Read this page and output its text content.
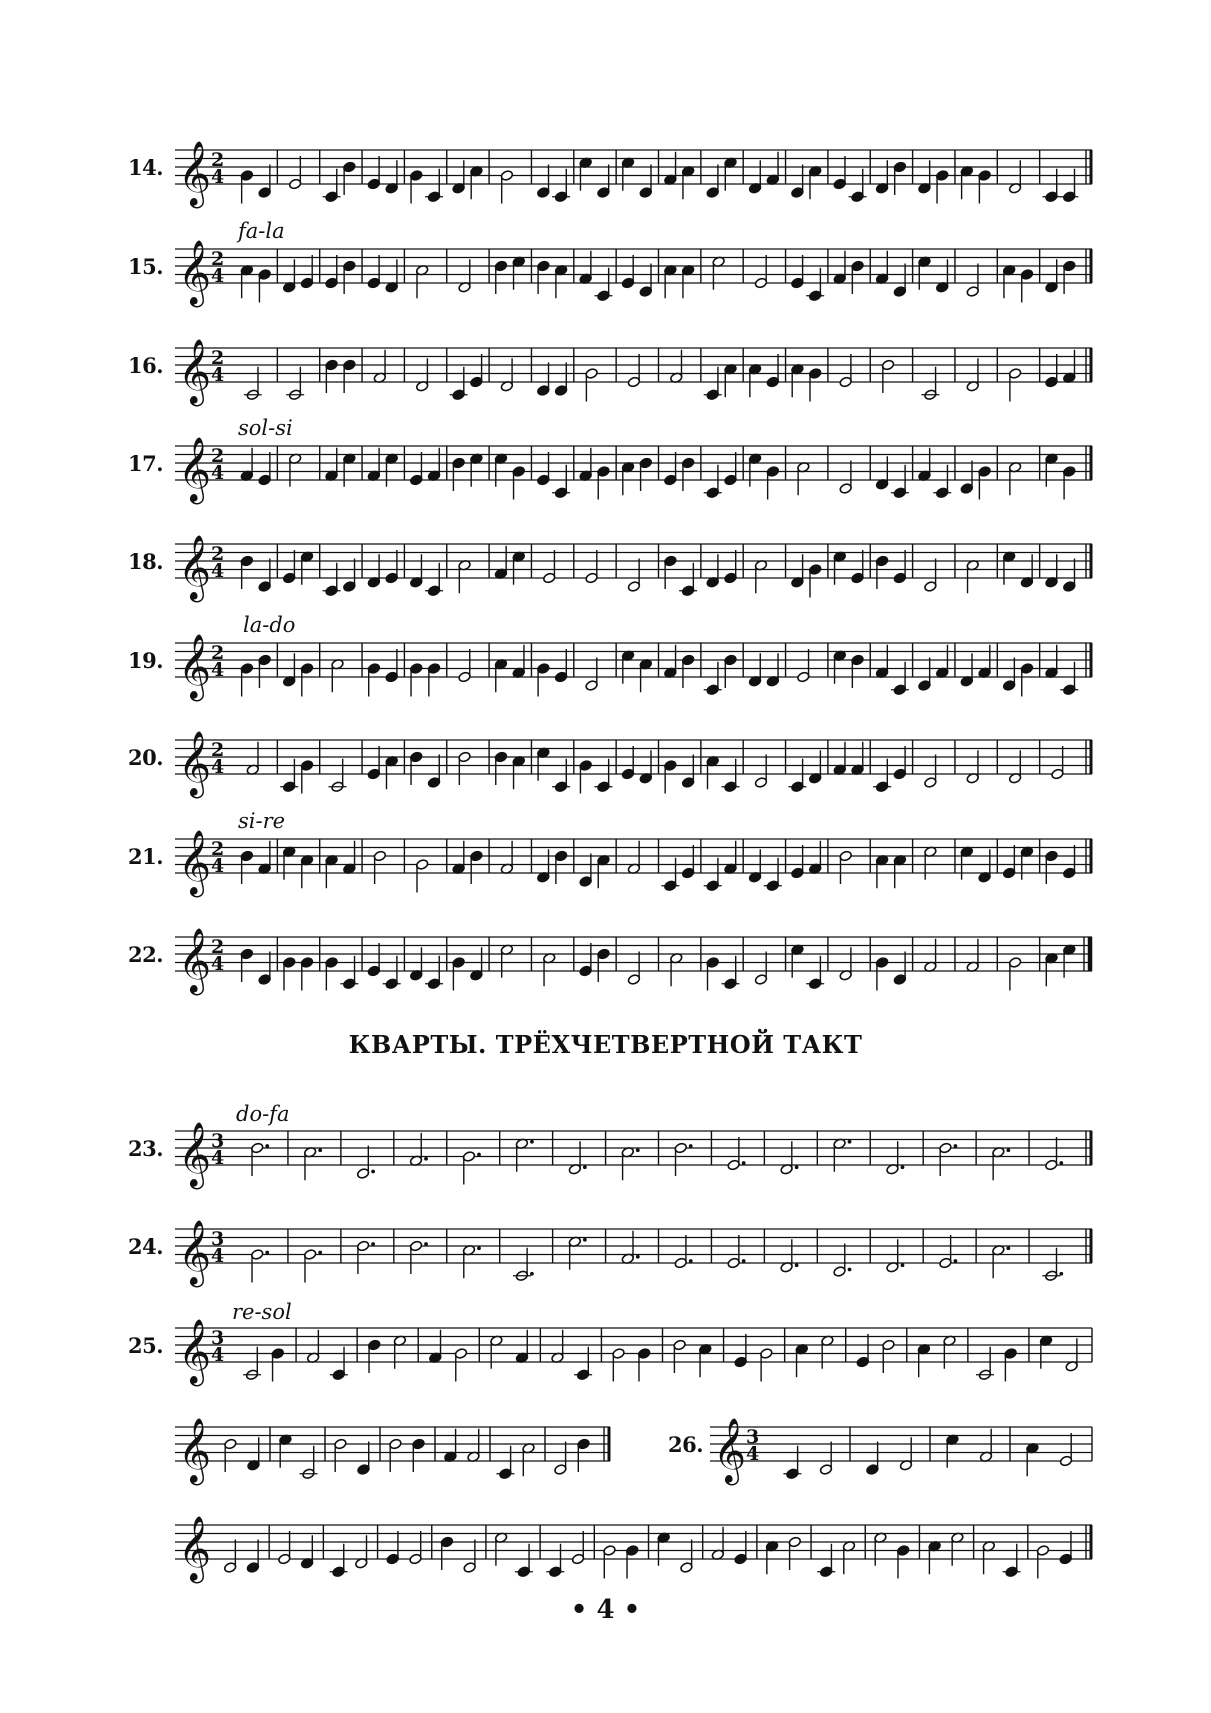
𝄞 2
4
𝄞 2
4
𝄞 2
4
𝄞 2
4
𝄞 2
4
𝄞 2
4
𝄞 2
4
𝄞 2
4
𝄞 2
4
𝄞 3
4
𝄞 3
4
𝄞 3
4
𝄞	𝄞 3
4
𝄞
14.
15.
16.
17.
18.
19.
20.
21.
22.
23.
24.
25.
26.
fa-la
sol-si
la-do
si-re
do-fa
re-sol
КВАРТЫ. ТРЁХЧЕТВЕРТНОЙ ТАКТ
• 4 •
